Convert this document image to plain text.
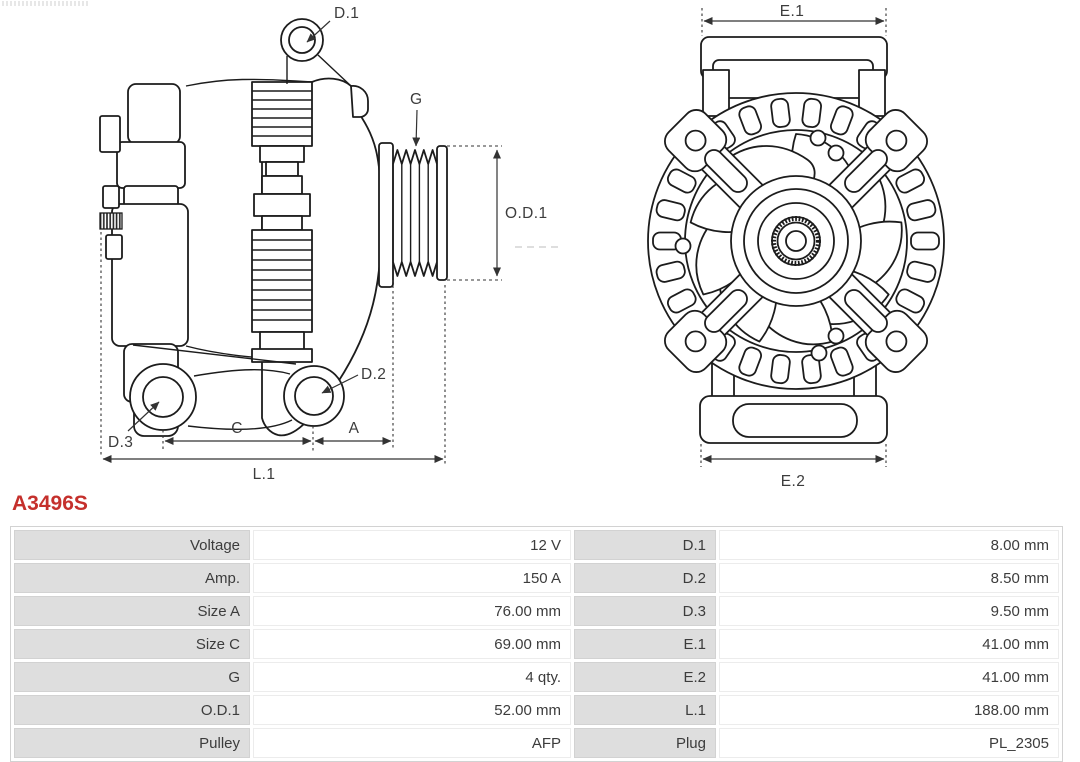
D.1
G
O.D.1
C	A
L.1
D.3
D.2
E.1
E.2
A3496S
Voltage	12 V	D.1	8.00 mm
Amp.	150 A	D.2	8.50 mm
Size A	76.00 mm	D.3	9.50 mm
Size C	69.00 mm	E.1	41.00 mm
G	4 qty.	E.2	41.00 mm
O.D.1	52.00 mm	L.1	188.00 mm
Pulley	AFP	Plug	PL_2305
